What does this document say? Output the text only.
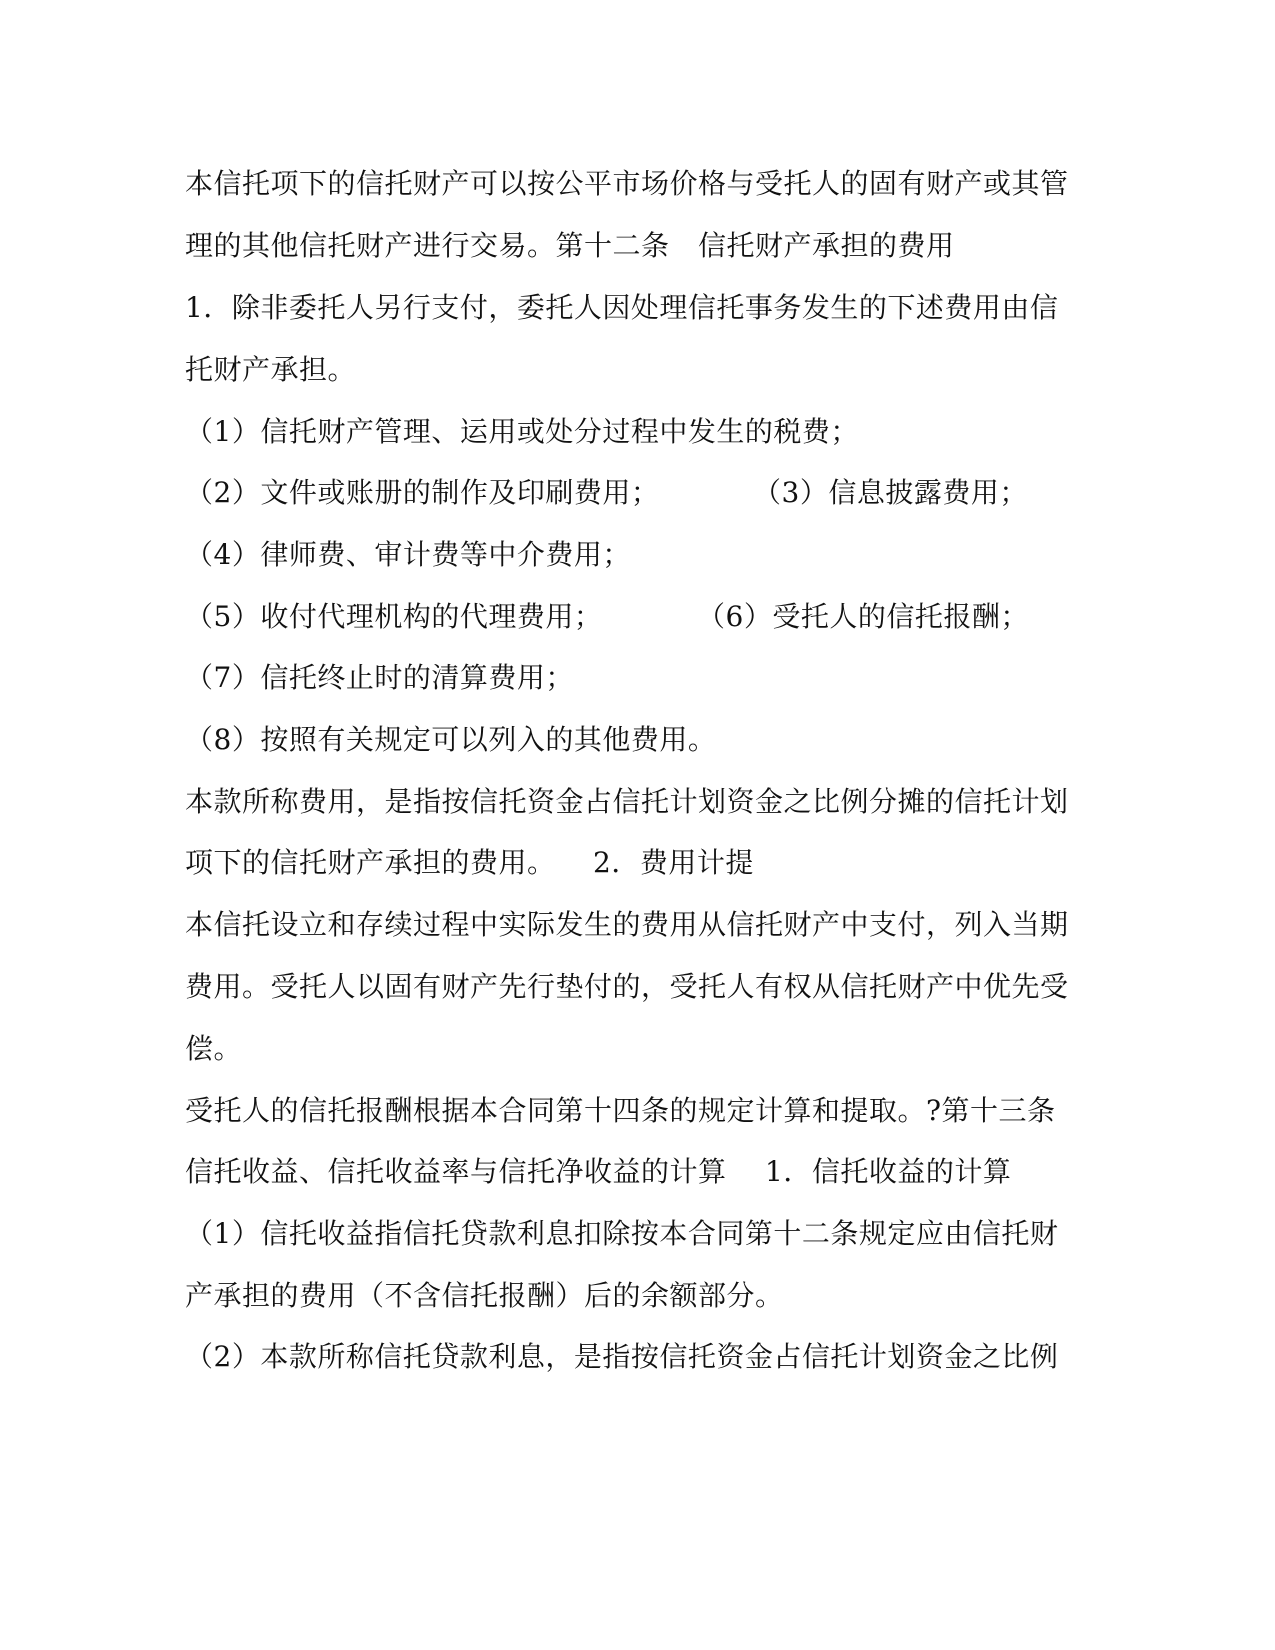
本信托项下的信托财产可以按公平市场价格与受托人的固有财产或其管
理的其他信托财产进行交易。第十二条　信托财产承担的费用
1．除非委托人另行支付，委托人因处理信托事务发生的下述费用由信
托财产承担。
（1）信托财产管理、运用或处分过程中发生的税费；
（2）文件或账册的制作及印刷费用；	（3）信息披露费用；
（4）律师费、审计费等中介费用；
（5）收付代理机构的代理费用；	（6）受托人的信托报酬；
（7）信托终止时的清算费用；
（8）按照有关规定可以列入的其他费用。
本款所称费用，是指按信托资金占信托计划资金之比例分摊的信托计划
项下的信托财产承担的费用。 2．费用计提
本信托设立和存续过程中实际发生的费用从信托财产中支付，列入当期
费用。受托人以固有财产先行垫付的，受托人有权从信托财产中优先受
偿。
受托人的信托报酬根据本合同第十四条的规定计算和提取。?第十三条
信托收益、信托收益率与信托净收益的计算 1．信托收益的计算
（1）信托收益指信托贷款利息扣除按本合同第十二条规定应由信托财
产承担的费用（不含信托报酬）后的余额部分。
（2）本款所称信托贷款利息，是指按信托资金占信托计划资金之比例
